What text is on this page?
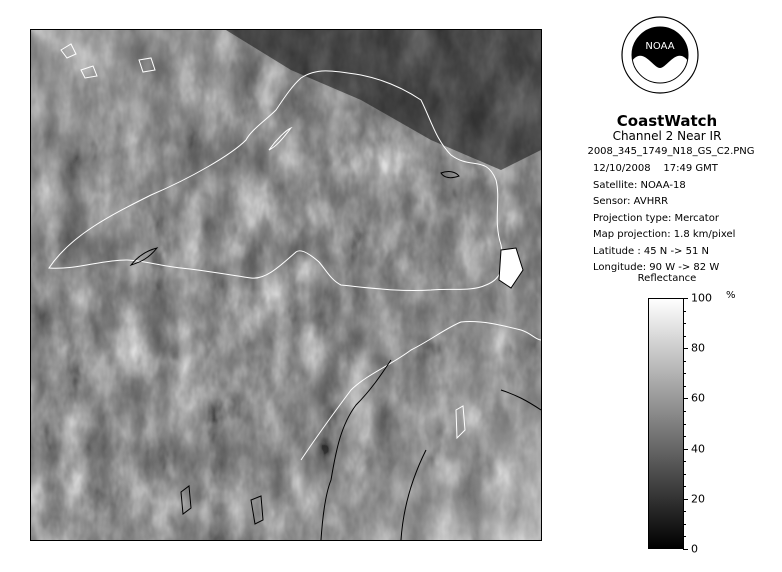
NOAA
CoastWatch
Channel 2 Near IR
2008_345_1749_N18_GS_C2.PNG
12/10/2008 17:49 GMT
Satellite: NOAA-18
Sensor: AVHRR
Projection type: Mercator
Map projection: 1.8 km/pixel
Latitude : 45 N -> 51 N
Longitude: 90 W -> 82 W
Reflectance
%
100
80
60
40
20
0
